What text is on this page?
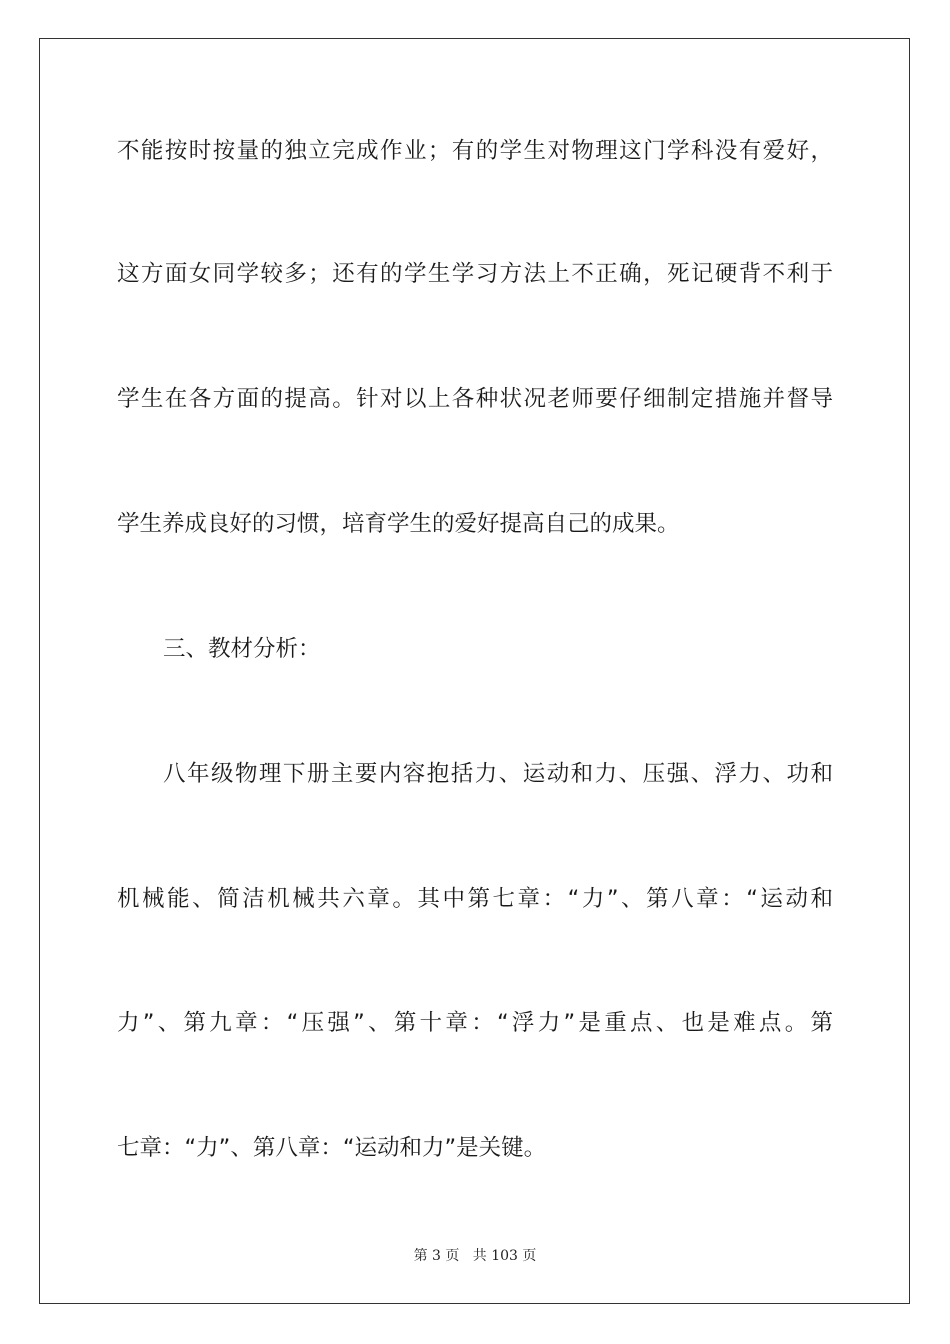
不能按时按量的独立完成作业；有的学生对物理这门学科没有爱好，
这方面女同学较多；还有的学生学习方法上不正确，死记硬背不利于
学生在各方面的提高。针对以上各种状况老师要仔细制定措施并督导
学生养成良好的习惯，培育学生的爱好提高自己的成果。
三、教材分析：
八年级物理下册主要内容抱括力、运动和力、压强、浮力、功和
机械能、简洁机械共六章。其中第七章：“力”、第八章：“运动和
力”、第九章：“压强”、第十章：“浮力”是重点、也是难点。第
七章：“力”、第八章：“运动和力”是关键。
第 3 页 共 103 页
